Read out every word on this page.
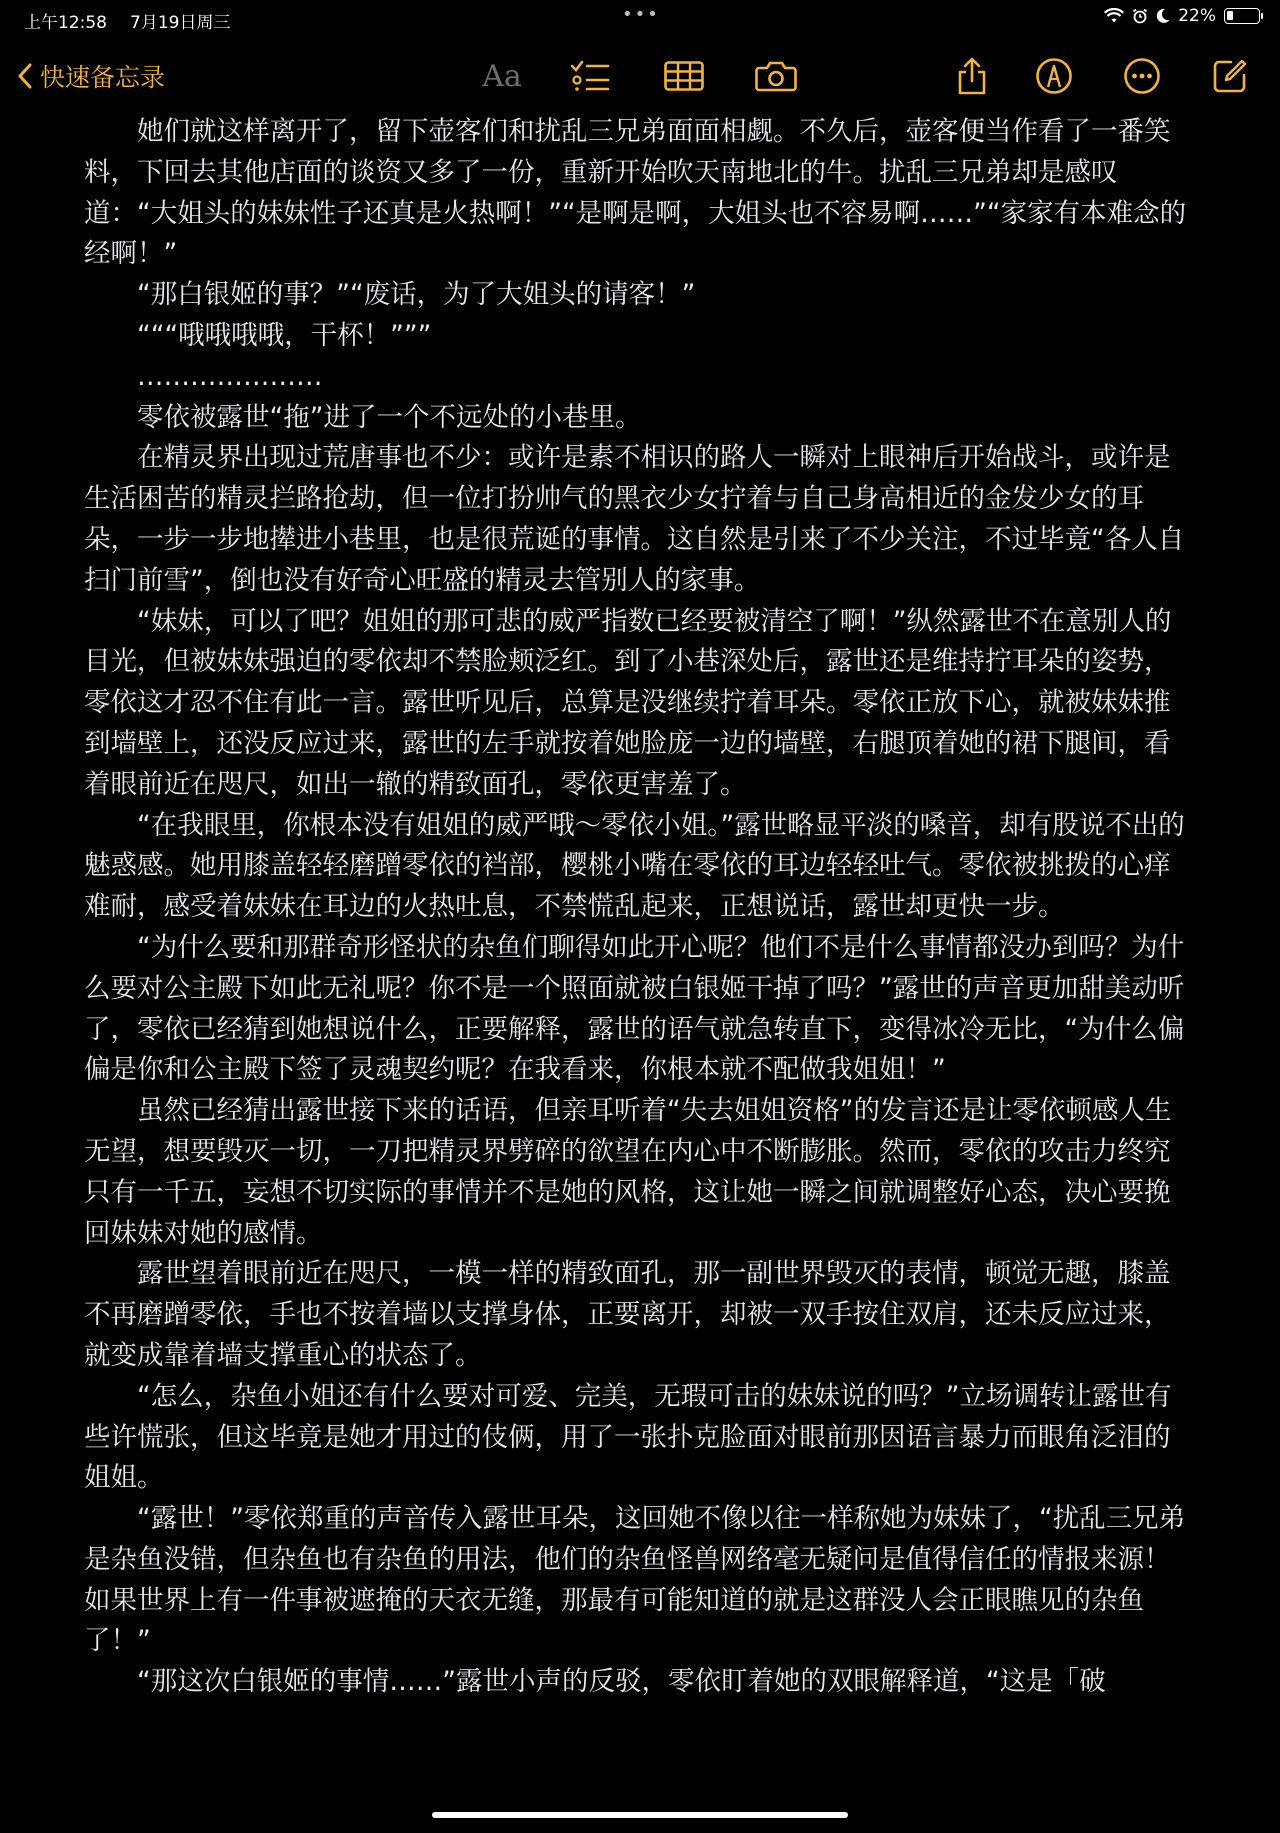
上午12:58 7月19日周三	•••	22%
快速备忘录	Aa

　　她们就这样离开了，留下壶客们和扰乱三兄弟面面相觑。不久后，壶客便当作看了一番笑料，下回去其他店面的谈资又多了一份，重新开始吹天南地北的牛。扰乱三兄弟却是感叹道：“大姐头的妹妹性子还真是火热啊！”“是啊是啊，大姐头也不容易啊……”“家家有本难念的经啊！”

　　“那白银姬的事？”“废话，为了大姐头的请客！”

　　“““哦哦哦哦，干杯！”””

　　…………………

　　零依被露世“拖”进了一个不远处的小巷里。

　　在精灵界出现过荒唐事也不少：或许是素不相识的路人一瞬对上眼神后开始战斗，或许是生活困苦的精灵拦路抢劫，但一位打扮帅气的黑衣少女拧着与自己身高相近的金发少女的耳朵，一步一步地撵进小巷里，也是很荒诞的事情。这自然是引来了不少关注，不过毕竟“各人自扫门前雪”，倒也没有好奇心旺盛的精灵去管别人的家事。

　　“妹妹，可以了吧？姐姐的那可悲的威严指数已经要被清空了啊！”纵然露世不在意别人的目光，但被妹妹强迫的零依却不禁脸颊泛红。到了小巷深处后，露世还是维持拧耳朵的姿势，零依这才忍不住有此一言。露世听见后，总算是没继续拧着耳朵。零依正放下心，就被妹妹推到墙壁上，还没反应过来，露世的左手就按着她脸庞一边的墙壁，右腿顶着她的裙下腿间，看着眼前近在咫尺，如出一辙的精致面孔，零依更害羞了。

　　“在我眼里，你根本没有姐姐的威严哦～零依小姐。”露世略显平淡的嗓音，却有股说不出的魅惑感。她用膝盖轻轻磨蹭零依的裆部，樱桃小嘴在零依的耳边轻轻吐气。零依被挑拨的心痒难耐，感受着妹妹在耳边的火热吐息，不禁慌乱起来，正想说话，露世却更快一步。

　　“为什么要和那群奇形怪状的杂鱼们聊得如此开心呢？他们不是什么事情都没办到吗？为什么要对公主殿下如此无礼呢？你不是一个照面就被白银姬干掉了吗？”露世的声音更加甜美动听了，零依已经猜到她想说什么，正要解释，露世的语气就急转直下，变得冰冷无比，“为什么偏偏是你和公主殿下签了灵魂契约呢？在我看来，你根本就不配做我姐姐！”

　　虽然已经猜出露世接下来的话语，但亲耳听着“失去姐姐资格”的发言还是让零依顿感人生无望，想要毁灭一切，一刀把精灵界劈碎的欲望在内心中不断膨胀。然而，零依的攻击力终究只有一千五，妄想不切实际的事情并不是她的风格，这让她一瞬之间就调整好心态，决心要挽回妹妹对她的感情。

　　露世望着眼前近在咫尺，一模一样的精致面孔，那一副世界毁灭的表情，顿觉无趣，膝盖不再磨蹭零依，手也不按着墙以支撑身体，正要离开，却被一双手按住双肩，还未反应过来，就变成靠着墙支撑重心的状态了。

　　“怎么，杂鱼小姐还有什么要对可爱、完美，无瑕可击的妹妹说的吗？”立场调转让露世有些许慌张，但这毕竟是她才用过的伎俩，用了一张扑克脸面对眼前那因语言暴力而眼角泛泪的姐姐。

　　“露世！”零依郑重的声音传入露世耳朵，这回她不像以往一样称她为妹妹了，“扰乱三兄弟是杂鱼没错，但杂鱼也有杂鱼的用法，他们的杂鱼怪兽网络毫无疑问是值得信任的情报来源！如果世界上有一件事被遮掩的天衣无缝，那最有可能知道的就是这群没人会正眼瞧见的杂鱼了！”

　　“那这次白银姬的事情……”露世小声的反驳，零依盯着她的双眼解释道，“这是「破
